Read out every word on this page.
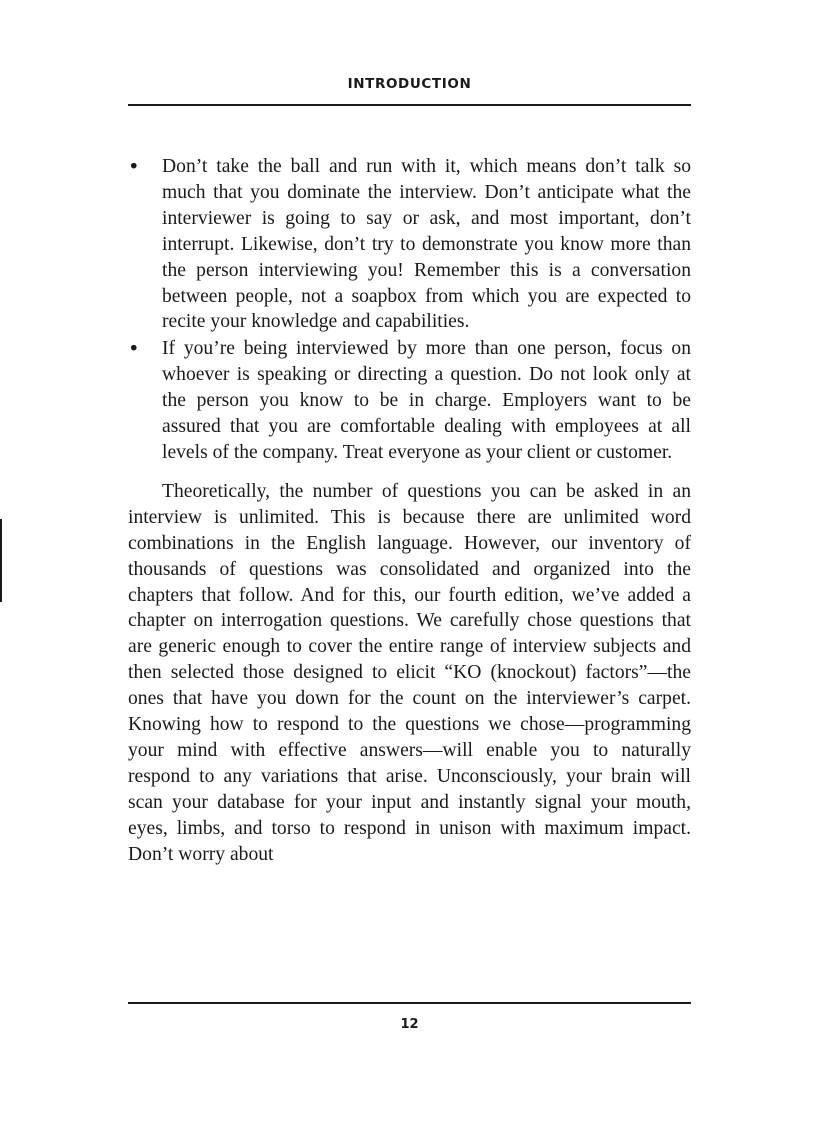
INTRODUCTION
• Don’t take the ball and run with it, which means don’t talk so much that you dominate the interview. Don’t anticipate what the interviewer is going to say or ask, and most important, don’t interrupt. Likewise, don’t try to demonstrate you know more than the person interviewing you! Remember this is a conversation between people, not a soapbox from which you are expected to recite your knowledge and capabilities.
• If you’re being interviewed by more than one person, focus on whoever is speaking or directing a question. Do not look only at the person you know to be in charge. Employers want to be assured that you are comfortable dealing with employees at all levels of the company. Treat everyone as your client or customer.

Theoretically, the number of questions you can be asked in an interview is unlimited. This is because there are unlimited word combinations in the English language. However, our inventory of thousands of questions was consolidated and organized into the chapters that follow. And for this, our fourth edition, we’ve added a chapter on interrogation questions. We carefully chose questions that are generic enough to cover the entire range of interview subjects and then selected those designed to elicit “KO (knockout) factors”—the ones that have you down for the count on the interviewer’s carpet. Knowing how to respond to the questions we chose—programming your mind with effective answers—will enable you to naturally respond to any variations that arise. Unconsciously, your brain will scan your database for your input and instantly signal your mouth, eyes, limbs, and torso to respond in unison with maximum impact. Don’t worry about

12
